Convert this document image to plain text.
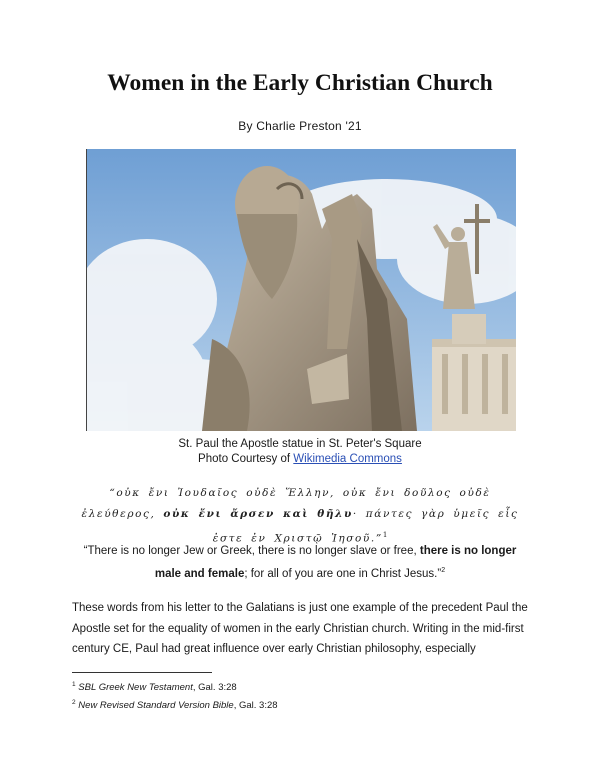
Women in the Early Christian Church
By Charlie Preston '21
St. Paul the Apostle statue in St. Peter's Square
Photo Courtesy of Wikimedia Commons
“οὐκ ἔνι Ἰουδαῖος οὐδὲ Ἕλλην, οὐκ ἔνι δοῦλος οὐδὲ ἐλεύθερος, οὐκ ἔνι ἄρσεν καὶ θῆλυ· πάντες γὰρ ὑμεῖς εἷς ἐστε ἐν Χριστῷ Ἰησοῦ.”$^1$
“There is no longer Jew or Greek, there is no longer slave or free, there is no longer male and female; for all of you are one in Christ Jesus.”$^2$

These words from his letter to the Galatians is just one example of the precedent Paul the Apostle set for the equality of women in the early Christian church. Writing in the mid-first century CE, Paul had great influence over early Christian philosophy, especially

$^1$ SBL Greek New Testament, Gal. 3:28
$^2$ New Revised Standard Version Bible, Gal. 3:28
